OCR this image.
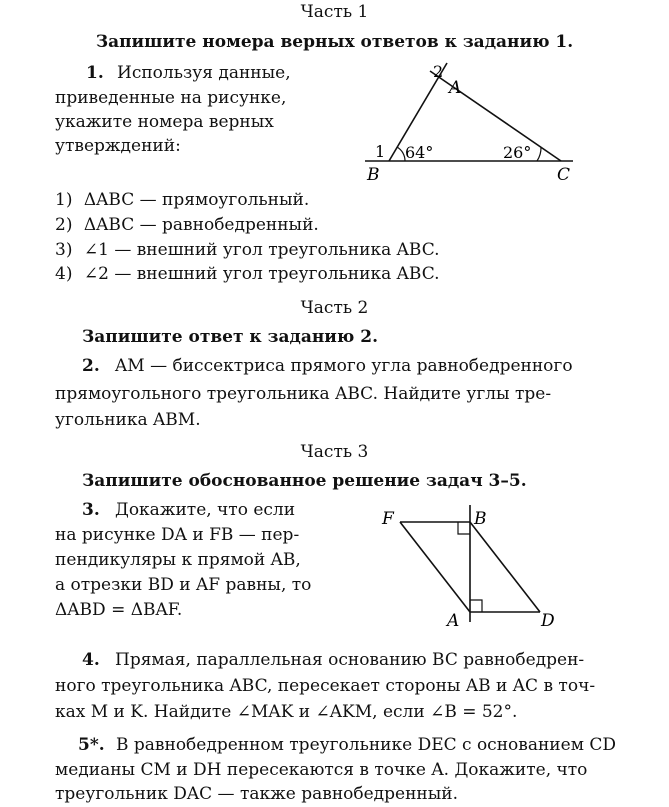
Часть 1
Запишите номера верных ответов к заданию 1.
1. Используя данные,
приведенные на рисунке,
укажите номера верных
утверждений:
A
2
1 64°	26°
B	C
1) ΔABC — прямоугольный.
2) ΔABC — равнобедренный.
3) ∠1 — внешний угол треугольника ABC.
4) ∠2 — внешний угол треугольника ABC.
Часть 2
Запишите ответ к заданию 2.
2. AM — биссектриса прямого угла равнобедренного
прямоугольного треугольника ABC. Найдите углы тре-
угольника ABM.
Часть 3
Запишите обоснованное решение задач 3–5.
3. Докажите, что если
на рисунке DA и FB — пер-
пендикуляры к прямой AB,
а отрезки BD и AF равны, то
ΔABD = ΔBAF.
F	B
A	D
4. Прямая, параллельная основанию BC равнобедрен-
ного треугольника ABC, пересекает стороны AB и AC в точ-
ках M и K. Найдите ∠MAK и ∠AKM, если ∠B = 52°.
5*. В равнобедренном треугольнике DEC с основанием CD
медианы CM и DH пересекаются в точке A. Докажите, что
треугольник DAC — также равнобедренный.
